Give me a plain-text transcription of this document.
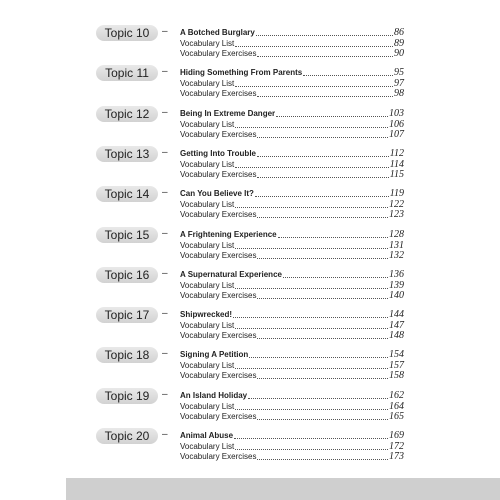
Topic 10	– A Botched Burglary	86
Vocabulary List	89
Vocabulary Exercises	90
Topic 11	– Hiding Something From Parents	95
Vocabulary List	97
Vocabulary Exercises	98
Topic 12	– Being In Extreme Danger	103
Vocabulary List	106
Vocabulary Exercises	107
Topic 13	– Getting Into Trouble	112
Vocabulary List	114
Vocabulary Exercises	115
Topic 14	– Can You Believe It?	119
Vocabulary List	122
Vocabulary Exercises	123
Topic 15	– A Frightening Experience	128
Vocabulary List	131
Vocabulary Exercises	132
Topic 16	– A Supernatural Experience	136
Vocabulary List	139
Vocabulary Exercises	140
Topic 17	– Shipwrecked!	144
Vocabulary List	147
Vocabulary Exercises	148
Topic 18	– Signing A Petition	154
Vocabulary List	157
Vocabulary Exercises	158
Topic 19	– An Island Holiday	162
Vocabulary List	164
Vocabulary Exercises	165
Topic 20	– Animal Abuse	169
Vocabulary List	172
Vocabulary Exercises	173
